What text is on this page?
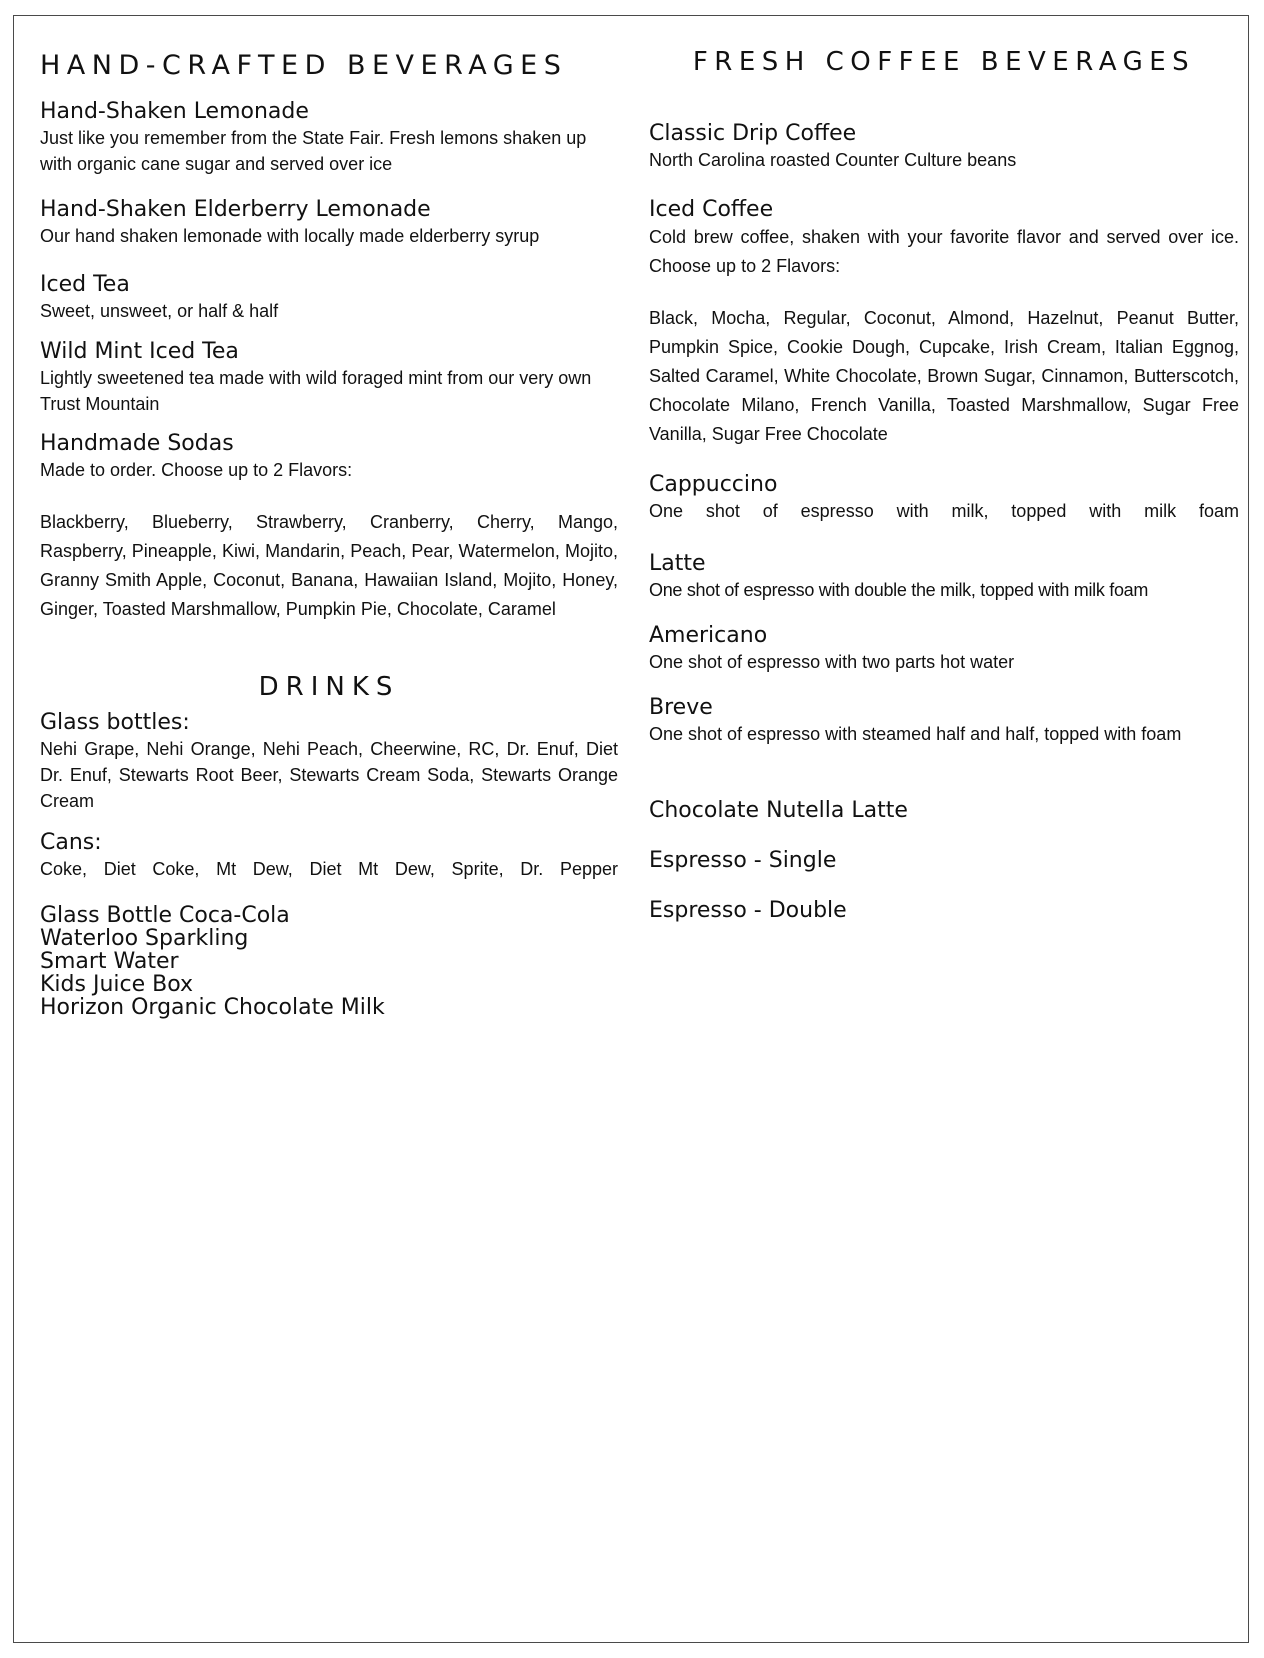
HAND-CRAFTED BEVERAGES

Hand-Shaken Lemonade

Just like you remember from the State Fair. Fresh lemons shaken up with organic cane sugar and served over ice

Hand-Shaken Elderberry Lemonade

Our hand shaken lemonade with locally made elderberry syrup

Iced Tea

Sweet, unsweet, or half & half

Wild Mint Iced Tea

Lightly sweetened tea made with wild foraged mint from our very own Trust Mountain

Handmade Sodas

Made to order. Choose up to 2 Flavors:

Blackberry, Blueberry, Strawberry, Cranberry, Cherry, Mango, Raspberry, Pineapple, Kiwi, Mandarin, Peach, Pear, Watermelon, Mojito, Granny Smith Apple, Coconut, Banana, Hawaiian Island, Mojito, Honey, Ginger, Toasted Marshmallow, Pumpkin Pie, Chocolate, Caramel

DRINKS

Glass bottles:

Nehi Grape, Nehi Orange, Nehi Peach, Cheerwine, RC, Dr. Enuf, Diet Dr. Enuf, Stewarts Root Beer, Stewarts Cream Soda, Stewarts Orange Cream

Cans:

Coke, Diet Coke, Mt Dew, Diet Mt Dew, Sprite, Dr. Pepper

Glass Bottle Coca-Cola

Waterloo Sparkling

Smart Water

Kids Juice Box

Horizon Organic Chocolate Milk

FRESH COFFEE BEVERAGES

Classic Drip Coffee

North Carolina roasted Counter Culture beans

Iced Coffee

Cold brew coffee, shaken with your favorite flavor and served over ice. Choose up to 2 Flavors:

Black, Mocha, Regular, Coconut, Almond, Hazelnut, Peanut Butter, Pumpkin Spice, Cookie Dough, Cupcake, Irish Cream, Italian Eggnog, Salted Caramel, White Chocolate, Brown Sugar, Cinnamon, Butterscotch, Chocolate Milano, French Vanilla, Toasted Marshmallow, Sugar Free Vanilla, Sugar Free Chocolate

Cappuccino

One shot of espresso with milk, topped with milk foam

Latte

One shot of espresso with double the milk, topped with milk foam

Americano

One shot of espresso with two parts hot water

Breve

One shot of espresso with steamed half and half, topped with foam

Chocolate Nutella Latte

Espresso - Single

Espresso - Double
